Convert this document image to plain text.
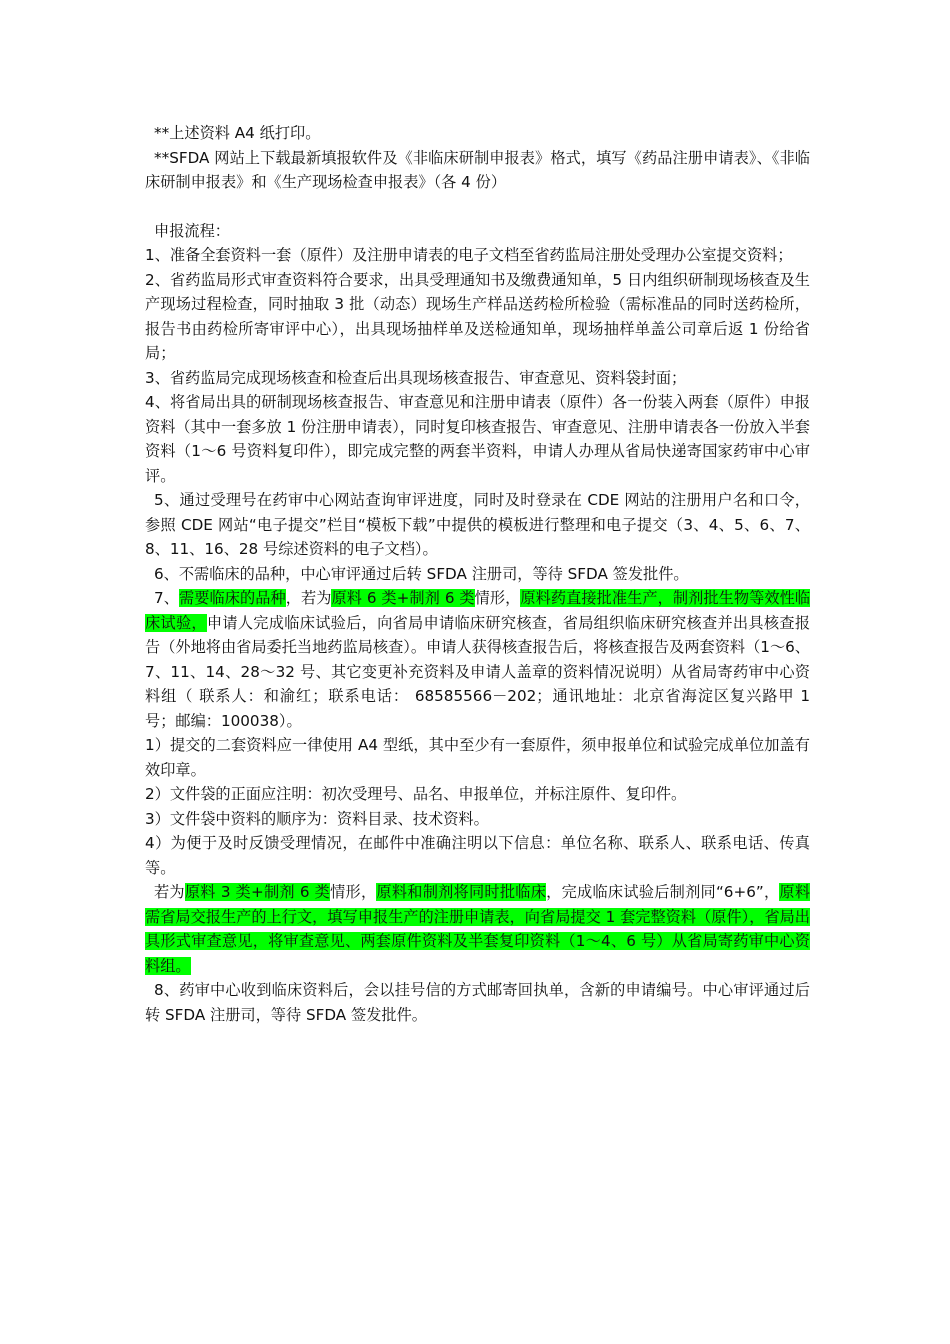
**上述资料 A4 纸打印。

**SFDA 网站上下载最新填报软件及《非临床研制申报表》格式，填写《药品注册申请表》、《非临床研制申报表》和《生产现场检查申报表》（各 4 份）

申报流程：

1、准备全套资料一套（原件）及注册申请表的电子文档至省药监局注册处受理办公室提交资料；

2、省药监局形式审查资料符合要求，出具受理通知书及缴费通知单，5 日内组织研制现场核查及生产现场过程检查，同时抽取 3 批（动态）现场生产样品送药检所检验（需标准品的同时送药检所，报告书由药检所寄审评中心），出具现场抽样单及送检通知单，现场抽样单盖公司章后返 1 份给省局；

3、省药监局完成现场核查和检查后出具现场核查报告、审查意见、资料袋封面；

4、将省局出具的研制现场核查报告、审查意见和注册申请表（原件）各一份装入两套（原件）申报资料（其中一套多放 1 份注册申请表），同时复印核查报告、审查意见、注册申请表各一份放入半套资料（1～6 号资料复印件），即完成完整的两套半资料，申请人办理从省局快递寄国家药审中心审评。

5、通过受理号在药审中心网站查询审评进度，同时及时登录在 CDE 网站的注册用户名和口令，参照 CDE 网站“电子提交”栏目“模板下载”中提供的模板进行整理和电子提交（3、4、5、6、7、8、11、16、28 号综述资料的电子文档）。

6、不需临床的品种，中心审评通过后转 SFDA 注册司，等待 SFDA 签发批件。

7、需要临床的品种，若为原料 6 类+制剂 6 类情形，原料药直接批准生产，制剂批生物等效性临床试验，申请人完成临床试验后，向省局申请临床研究核查，省局组织临床研究核查并出具核查报告（外地将由省局委托当地药监局核查）。申请人获得核查报告后，将核查报告及两套资料（1～6、7、11、14、28～32 号、其它变更补充资料及申请人盖章的资料情况说明）从省局寄药审中心资料组（ 联系人：和渝红；联系电话： 68585566－202；通讯地址：北京省海淀区复兴路甲 1 号；邮编：100038）。

1）提交的二套资料应一律使用 A4 型纸，其中至少有一套原件，须申报单位和试验完成单位加盖有效印章。

2）文件袋的正面应注明：初次受理号、品名、申报单位，并标注原件、复印件。

3）文件袋中资料的顺序为：资料目录、技术资料。

4）为便于及时反馈受理情况，在邮件中准确注明以下信息：单位名称、联系人、联系电话、传真等。

若为原料 3 类+制剂 6 类情形，原料和制剂将同时批临床，完成临床试验后制剂同“6+6”，原料需省局交报生产的上行文，填写申报生产的注册申请表，向省局提交 1 套完整资料（原件），省局出具形式审查意见，将审查意见、两套原件资料及半套复印资料（1～4、6 号）从省局寄药审中心资料组。

8、药审中心收到临床资料后，会以挂号信的方式邮寄回执单，含新的申请编号。中心审评通过后转 SFDA 注册司，等待 SFDA 签发批件。
